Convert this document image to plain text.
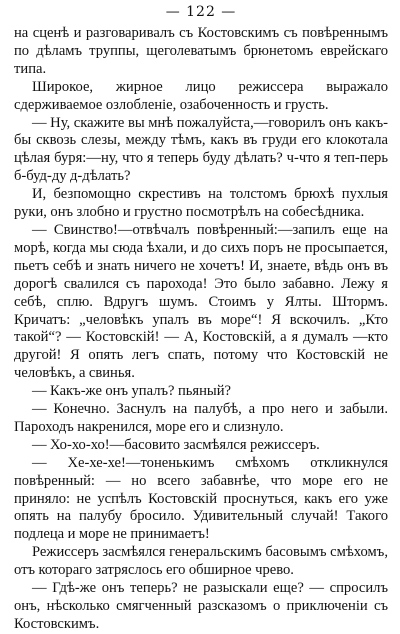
— 122 —

на сценѣ и разговаривалъ съ Костовскимъ съ повѣреннымъ по дѣламъ труппы, щеголеватымъ брюнетомъ еврейскаго типа.

Широкое, жирное лицо режиссера выражало сдерживаемое озлобленіе, озабоченность и грусть.

— Ну, скажите вы мнѣ пожалуйста,—говорилъ онъ какъ-бы сквозь слезы, между тѣмъ, какъ въ груди его клокотала цѣлая буря:—ну, что я теперь буду дѣлать? ч-что я теп-перь б-буд-ду д-дѣлать?

И, безпомощно скрестивъ на толстомъ брюхѣ пухлыя руки, онъ злобно и грустно посмотрѣлъ на собесѣдника.

— Свинство!—отвѣчалъ повѣренный:—запилъ еще на морѣ, когда мы сюда ѣхали, и до сихъ поръ не просыпается, пьетъ себѣ и знать ничего не хочетъ! И, знаете, вѣдь онъ въ дорогѣ свалился съ парохода! Это было забавно. Лежу я себѣ, сплю. Вдругъ шумъ. Стоимъ у Ялты. Штормъ. Кричатъ: „человѣкъ упалъ въ море“! Я вскочилъ. „Кто такой“? — Костовскій! — А, Костовскій, а я думалъ —кто другой! Я опять легъ спать, потому что Костовскій не человѣкъ, а свинья.

— Какъ-же онъ упалъ? пьяный?

— Конечно. Заснулъ на палубѣ, а про него и забыли. Пароходъ накренился, море его и слизнуло.

— Хо-хо-хо!—басовито засмѣялся режиссеръ.

— Хе-хе-хе!—тоненькимъ смѣхомъ откликнулся повѣренный: — но всего забавнѣе, что море его не приняло: не успѣлъ Костовскій проснуться, какъ его уже опять на палубу бросило. Удивительный случай! Такого подлеца и море не принимаетъ!

Режиссеръ засмѣялся генеральскимъ басовымъ смѣхомъ, отъ котораго затряслось его обширное чрево.

— Гдѣ-же онъ теперь? не разыскали еще? — спросилъ онъ, нѣсколько смягченный разсказомъ о приключеніи съ Костовскимъ.
